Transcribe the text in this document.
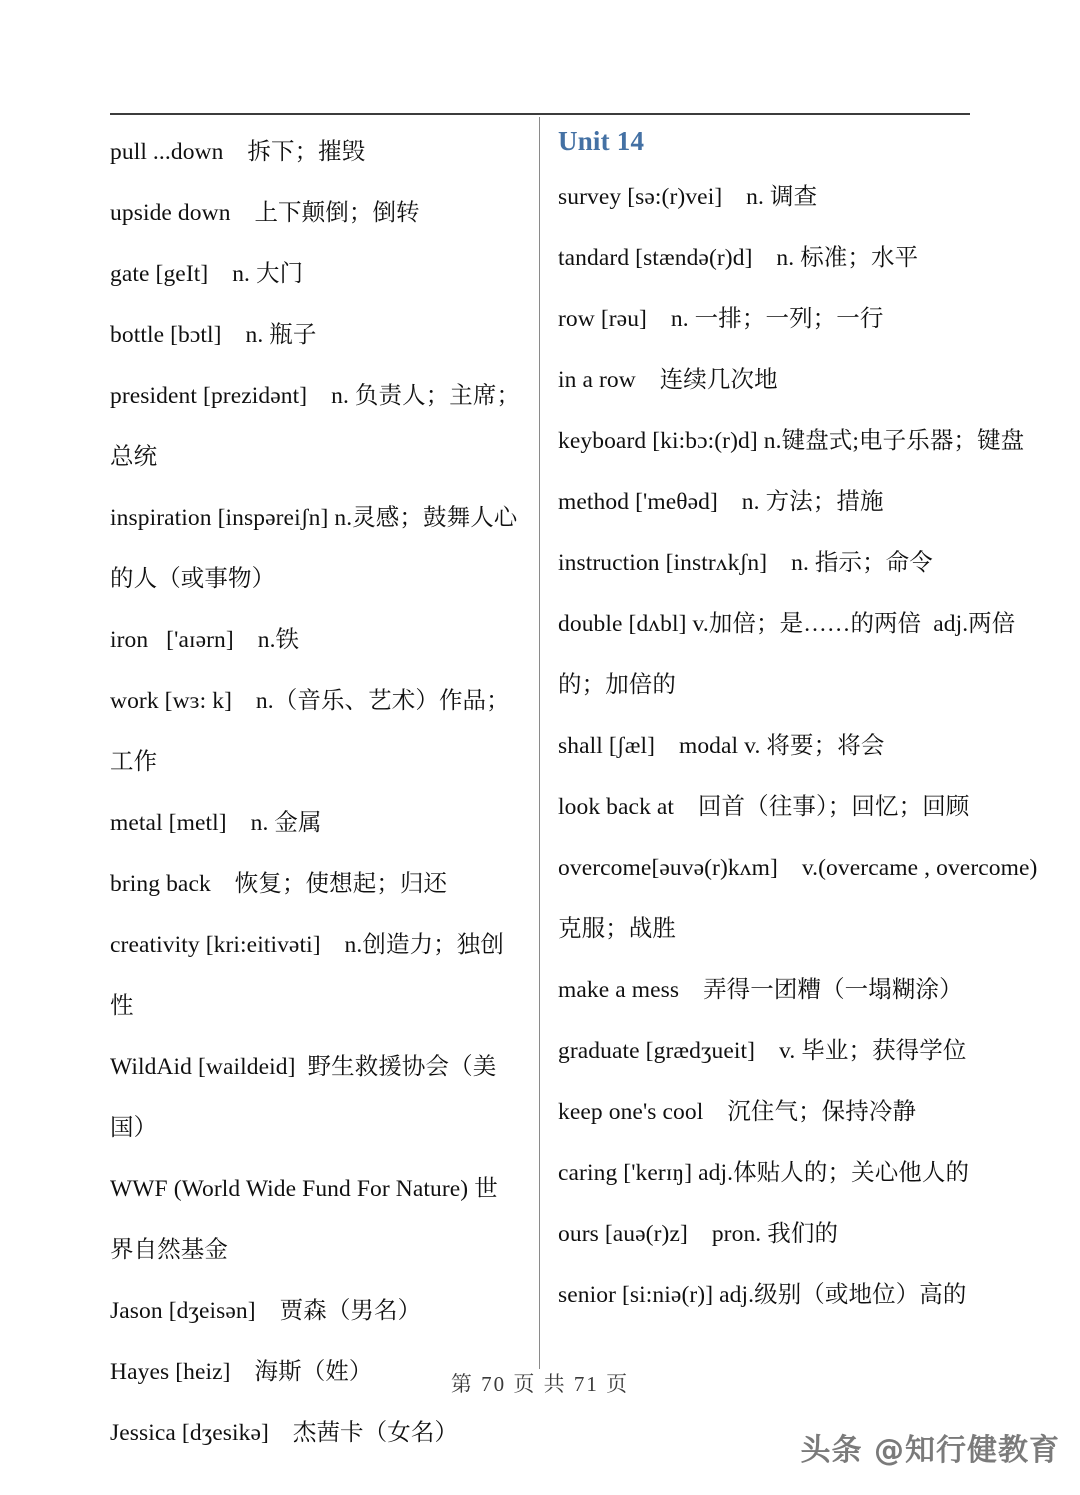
pull ...down    拆下；摧毁

upside down    上下颠倒；倒转

gate [geIt]    n. 大门

bottle [bɔtl]    n. 瓶子

president [prezidənt]    n. 负责人；主席；总统

inspiration [inspəreiʃn] n.灵感；鼓舞人心的人（或事物）

iron   ['aɪərn]    n.铁

work [wɜ: k]    n.（音乐、艺术）作品；工作

metal [metl]    n. 金属

bring back    恢复；使想起；归还

creativity [kri:eitivəti]    n.创造力；独创性

WildAid [waildeid]  野生救援协会（美国）

WWF (World Wide Fund For Nature) 世界自然基金

Jason [dʒeisən]    贾森（男名）

Hayes [heiz]    海斯（姓）

Jessica [dʒesikə]    杰茜卡（女名）

Unit 14

survey [sə:(r)vei]    n. 调查

tandard [stændə(r)d]    n. 标准；水平

row [rəu]    n. 一排；一列；一行

in a row    连续几次地

keyboard [ki:bɔ:(r)d] n.键盘式;电子乐器；键盘 method ['meθəd]    n. 方法；措施

instruction [instrʌkʃn]    n. 指示；命令

double [dʌbl] v.加倍；是……的两倍  adj.两倍的；加倍的

shall [ʃæl]    modal v. 将要；将会

look back at    回首（往事）；回忆；回顾

overcome[əuvə(r)kʌm]    v.(overcame , overcome) 克服；战胜

make a mess    弄得一团糟（一塌糊涂）

graduate [grædʒueit]    v. 毕业；获得学位

keep one's cool    沉住气；保持冷静

caring ['kerɪŋ] adj.体贴人的；关心他人的

ours [auə(r)z]    pron. 我们的

senior [si:niə(r)] adj.级别（或地位）高的

第 70 页 共 71 页
头条 @知行健教育
